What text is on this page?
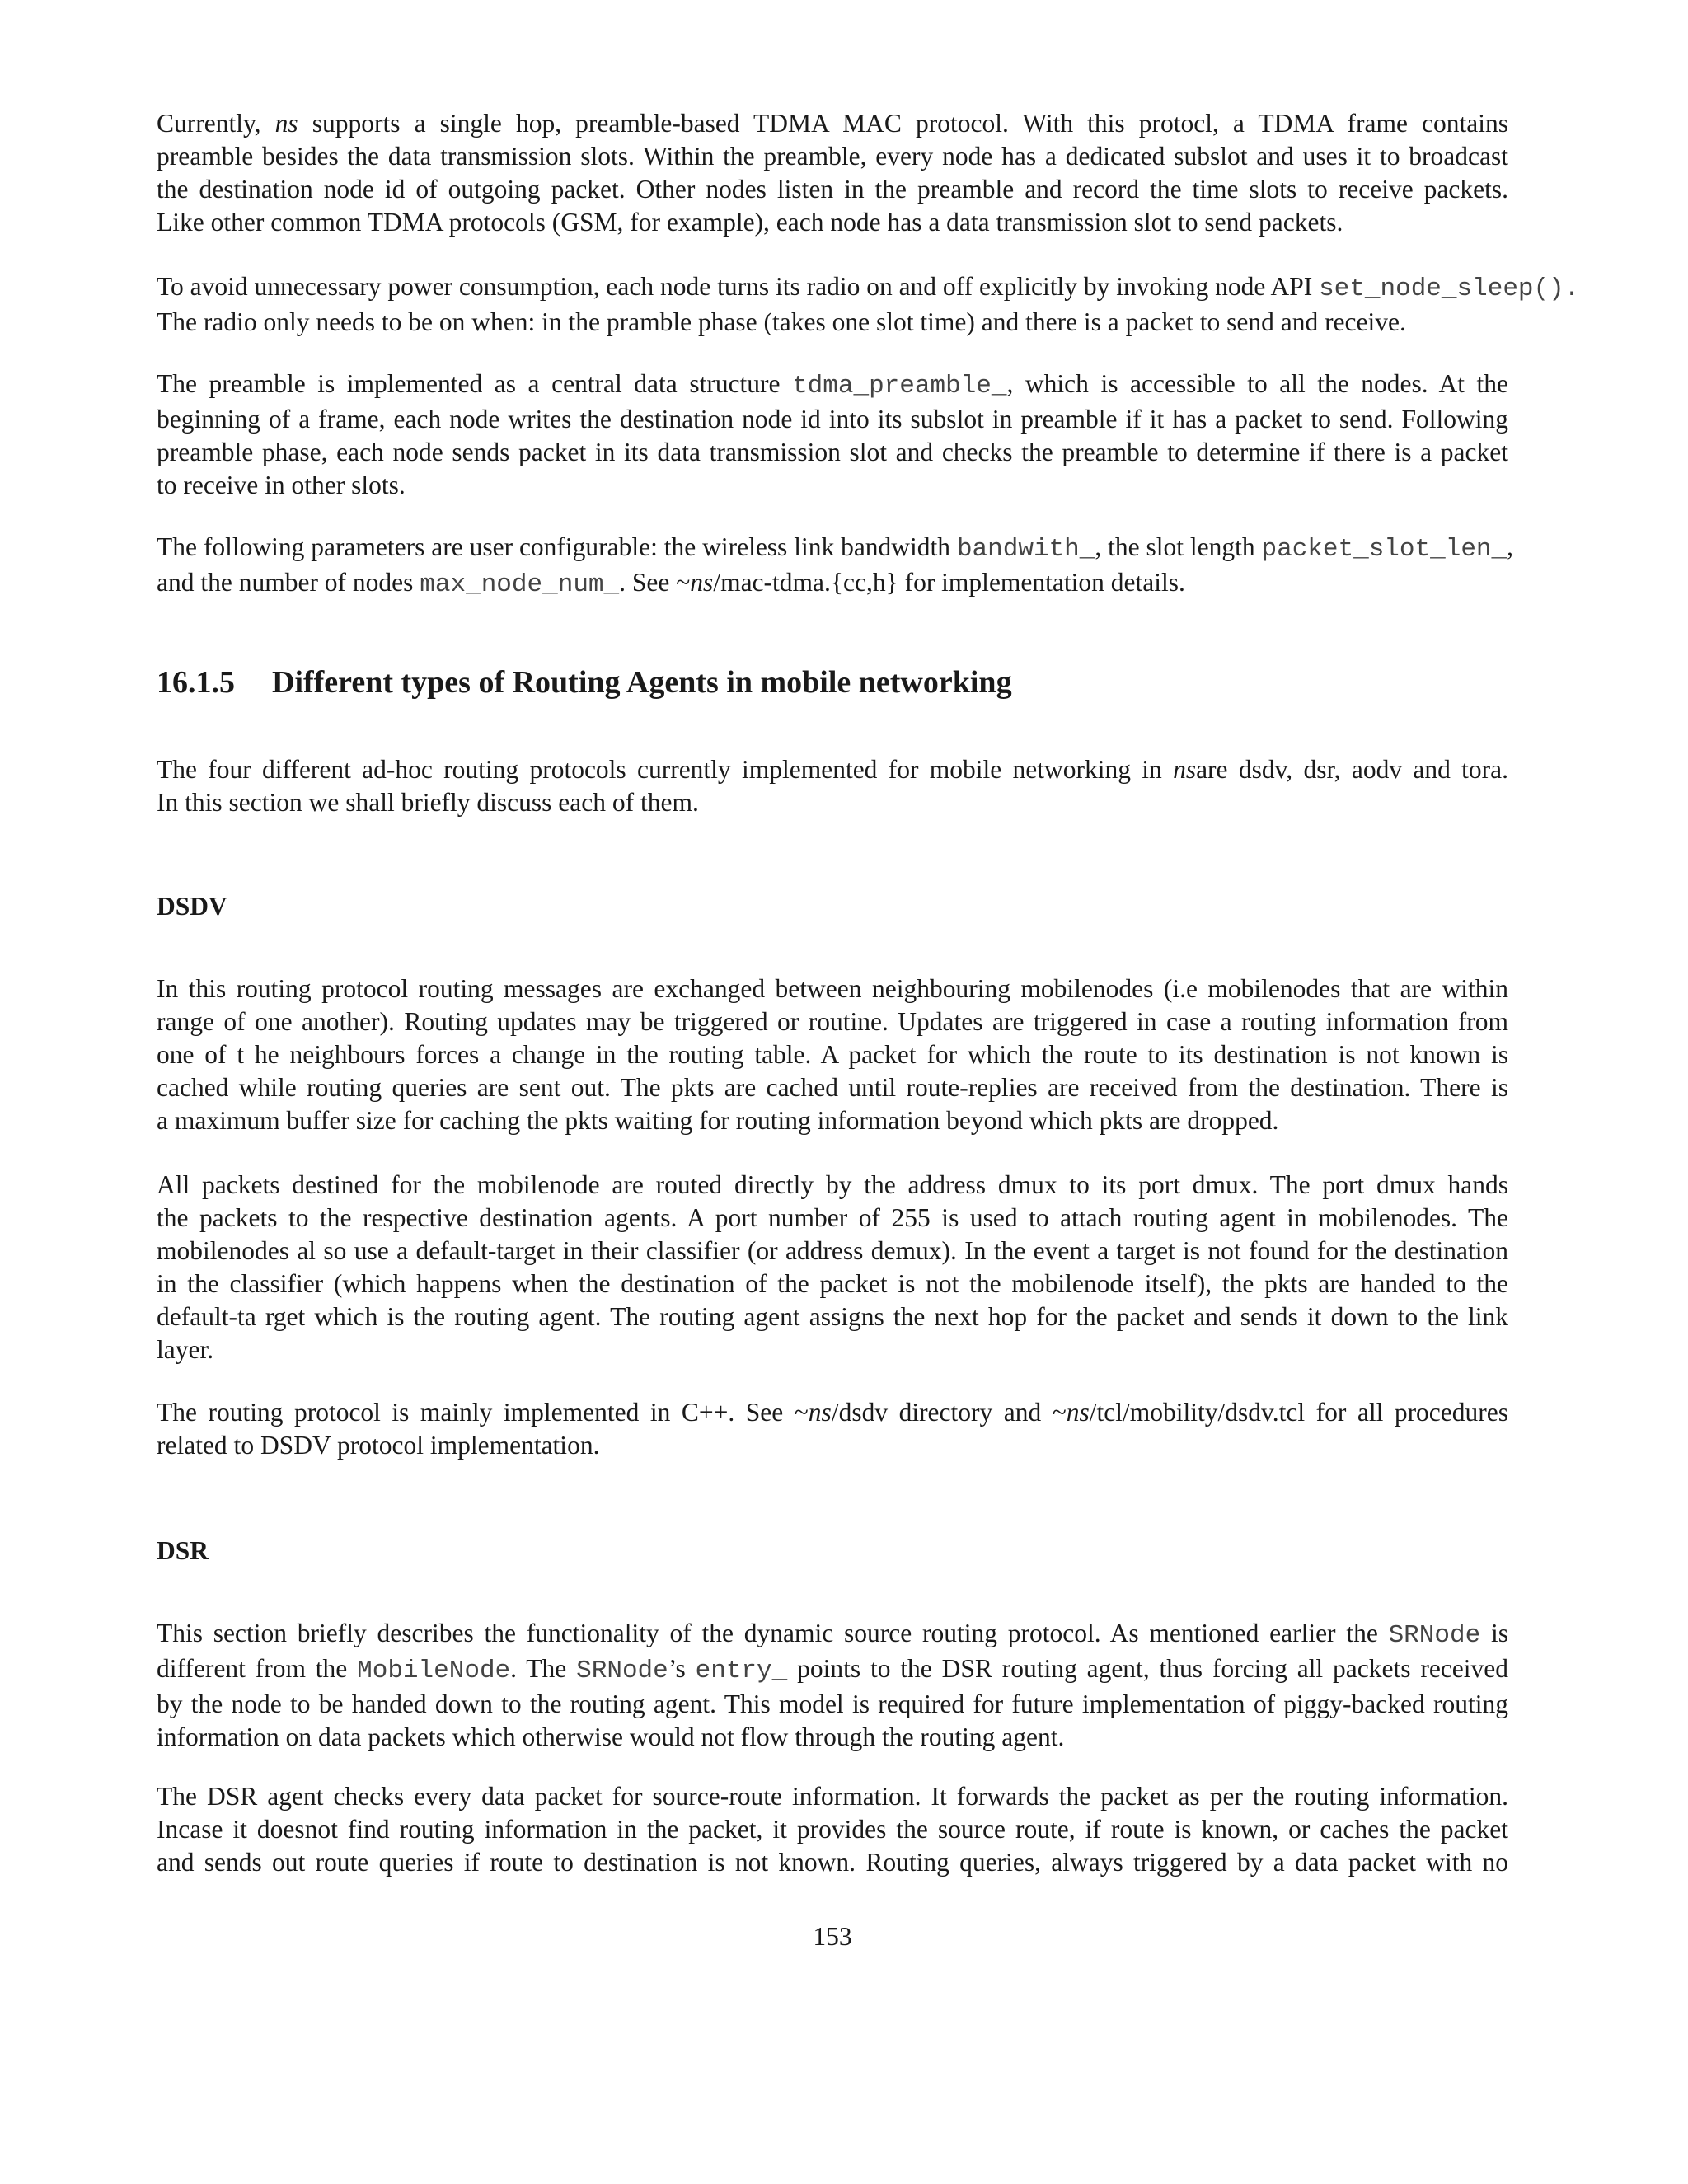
Currently, ns supports a single hop, preamble-based TDMA MAC protocol. With this protocl, a TDMA frame contains
preamble besides the data transmission slots. Within the preamble, every node has a dedicated subslot and uses it to broadcast
the destination node id of outgoing packet. Other nodes listen in the preamble and record the time slots to receive packets.
Like other common TDMA protocols (GSM, for example), each node has a data transmission slot to send packets.

To avoid unnecessary power consumption, each node turns its radio on and off explicitly by invoking node API set_node_sleep().
The radio only needs to be on when: in the pramble phase (takes one slot time) and there is a packet to send and receive.

The preamble is implemented as a central data structure tdma_preamble_, which is accessible to all the nodes. At the
beginning of a frame, each node writes the destination node id into its subslot in preamble if it has a packet to send. Following
preamble phase, each node sends packet in its data transmission slot and checks the preamble to determine if there is a packet
to receive in other slots.

The following parameters are user configurable: the wireless link bandwidth bandwith_, the slot length packet_slot_len_,
and the number of nodes max_node_num_. See ~ns/mac-tdma.{cc,h} for implementation details.

16.1.5 Different types of Routing Agents in mobile networking

The four different ad-hoc routing protocols currently implemented for mobile networking in nsare dsdv, dsr, aodv and tora.
In this section we shall briefly discuss each of them.

DSDV

In this routing protocol routing messages are exchanged between neighbouring mobilenodes (i.e mobilenodes that are within
range of one another). Routing updates may be triggered or routine. Updates are triggered in case a routing information from
one of t he neighbours forces a change in the routing table. A packet for which the route to its destination is not known is
cached while routing queries are sent out. The pkts are cached until route-replies are received from the destination. There is
a maximum buffer size for caching the pkts waiting for routing information beyond which pkts are dropped.

All packets destined for the mobilenode are routed directly by the address dmux to its port dmux. The port dmux hands
the packets to the respective destination agents. A port number of 255 is used to attach routing agent in mobilenodes. The
mobilenodes al so use a default-target in their classifier (or address demux). In the event a target is not found for the destination
in the classifier (which happens when the destination of the packet is not the mobilenode itself), the pkts are handed to the
default-ta rget which is the routing agent. The routing agent assigns the next hop for the packet and sends it down to the link
layer.

The routing protocol is mainly implemented in C++. See ~ns/dsdv directory and ~ns/tcl/mobility/dsdv.tcl for all procedures
related to DSDV protocol implementation.

DSR

This section briefly describes the functionality of the dynamic source routing protocol. As mentioned earlier the SRNode is
different from the MobileNode. The SRNode’s entry_ points to the DSR routing agent, thus forcing all packets received
by the node to be handed down to the routing agent. This model is required for future implementation of piggy-backed routing
information on data packets which otherwise would not flow through the routing agent.

The DSR agent checks every data packet for source-route information. It forwards the packet as per the routing information.
Incase it doesnot find routing information in the packet, it provides the source route, if route is known, or caches the packet
and sends out route queries if route to destination is not known. Routing queries, always triggered by a data packet with no

153
